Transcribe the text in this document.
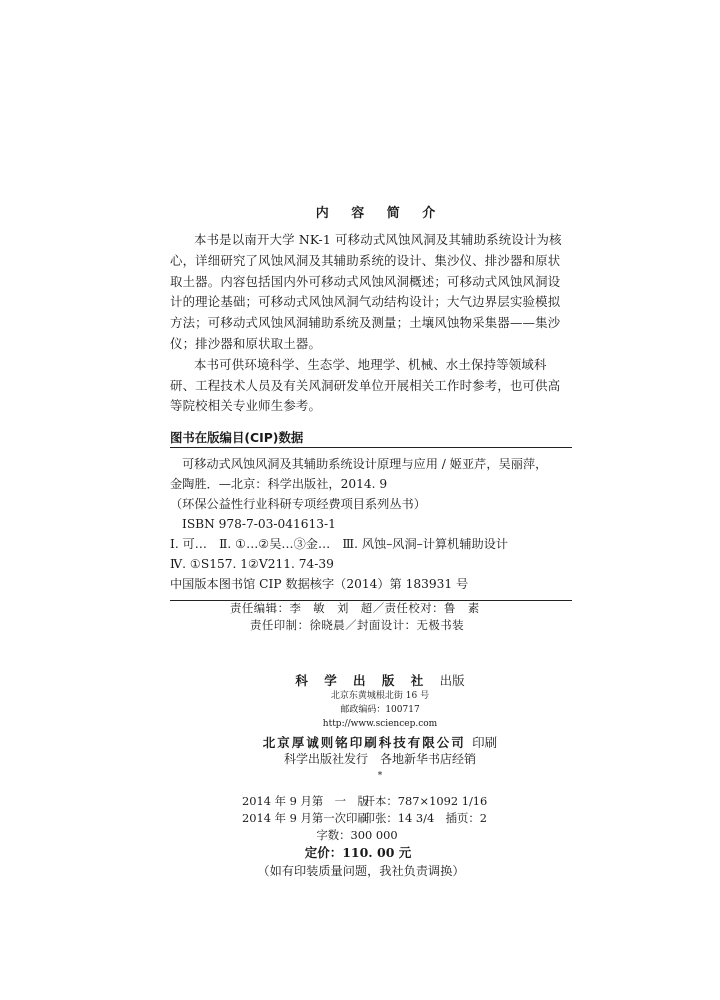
内 容 简 介

本书是以南开大学 NK-1 可移动式风蚀风洞及其辅助系统设计为核心，详细研究了风蚀风洞及其辅助系统的设计、集沙仪、排沙器和原状取土器。内容包括国内外可移动式风蚀风洞概述；可移动式风蚀风洞设计的理论基础；可移动式风蚀风洞气动结构设计；大气边界层实验模拟方法；可移动式风蚀风洞辅助系统及测量；土壤风蚀物采集器——集沙仪；排沙器和原状取土器。

本书可供环境科学、生态学、地理学、机械、水土保持等领域科研、工程技术人员及有关风洞研发单位开展相关工作时参考，也可供高等院校相关专业师生参考。

图书在版编目(CIP)数据
可移动式风蚀风洞及其辅助系统设计原理与应用 / 姬亚芹，吴丽萍，
金陶胜．—北京：科学出版社，2014. 9
（环保公益性行业科研专项经费项目系列丛书）
ISBN 978-7-03-041613-1
Ⅰ. 可…　Ⅱ. ①…②吴…③金…　Ⅲ. 风蚀–风洞–计算机辅助设计
Ⅳ. ①S157. 1②V211. 74-39
中国版本图书馆 CIP 数据核字（2014）第 183931 号
责任编辑：李　敏　刘　超／责任校对：鲁　素
责任印制：徐晓晨／封面设计：无极书装
科 学 出 版 社 出版
北京东黄城根北街 16 号
邮政编码：100717
http://www.sciencep.com
北京厚诚则铭印刷科技有限公司 印刷
科学出版社发行　各地新华书店经销
*
2014 年 9 月第　一　版 开本：787×1092 1/16
2014 年 9 月第一次印刷 印张：14 3/4　插页：2
字数：300 000
定价：110. 00 元
（如有印装质量问题，我社负责调换）
